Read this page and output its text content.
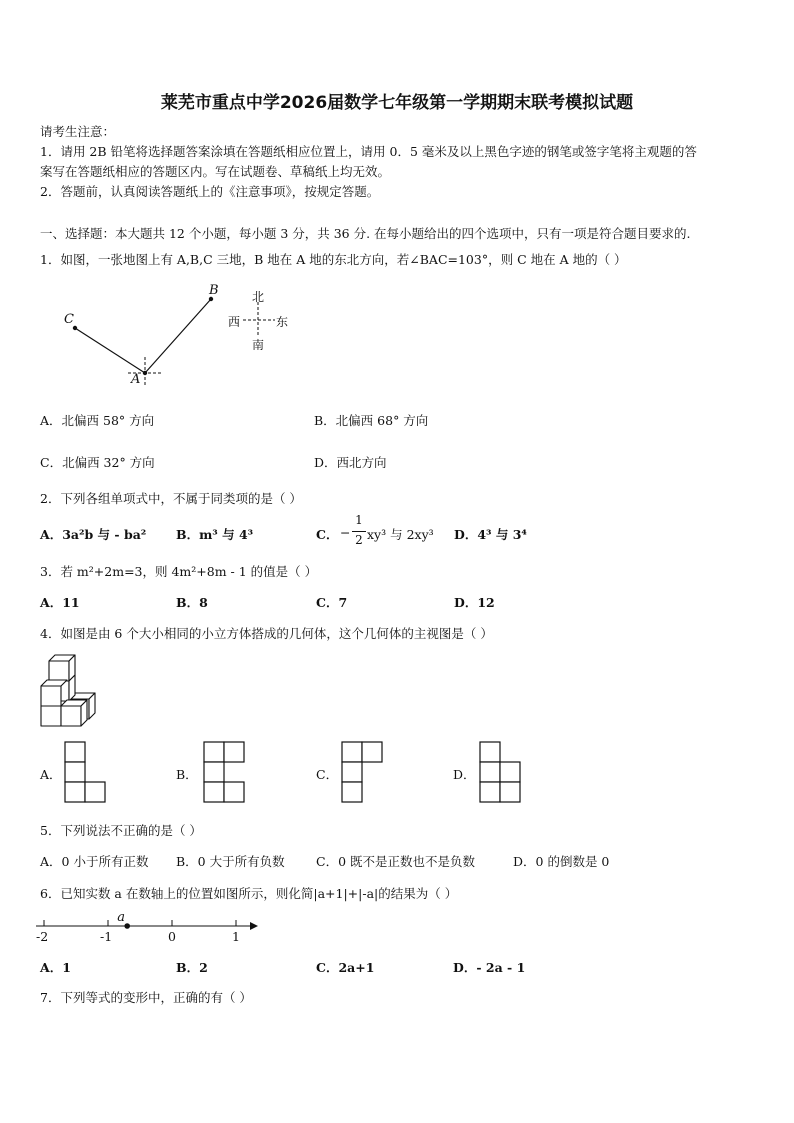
莱芜市重点中学2026届数学七年级第一学期期末联考模拟试题
请考生注意：
1．请用 2B 铅笔将选择题答案涂填在答题纸相应位置上，请用 0．5 毫米及以上黑色字迹的钢笔或签字笔将主观题的答
案写在答题纸相应的答题区内。写在试题卷、草稿纸上均无效。
2．答题前，认真阅读答题纸上的《注意事项》，按规定答题。
一、选择题：本大题共 12 个小题，每小题 3 分，共 36 分. 在每小题给出的四个选项中，只有一项是符合题目要求的.
1．如图，一张地图上有 A,B,C 三地，B 地在 A 地的东北方向，若∠BAC=103°，则 C 地在 A 地的（ ）
C
B
A
北
南
西	东
A．北偏西 58° 方向	B．北偏西 68° 方向
C．北偏西 32° 方向	D．西北方向
2．下列各组单项式中，不属于同类项的是（ ）
A．3a²b 与 - ba² B．m³ 与 4³	C． −
1
2 xy³ 与 2xy³ D．4³ 与 3⁴
3．若 m²+2m=3，则 4m²+8m - 1 的值是（ ）
A．11	B．8	C．7	D．12
4．如图是由 6 个大小相同的小立方体搭成的几何体，这个几何体的主视图是（ ）
A．	B．	C．	D．
5．下列说法不正确的是（ ）
A．0 小于所有正数 B．0 大于所有负数	C．0 既不是正数也不是负数	D．0 的倒数是 0
6．已知实数 a 在数轴上的位置如图所示，则化简|a+1|+|-a|的结果为（ ）
a
-2	-1	0	1
A．1	B．2	C．2a+1	D．- 2a - 1
7．下列等式的变形中，正确的有（ ）
